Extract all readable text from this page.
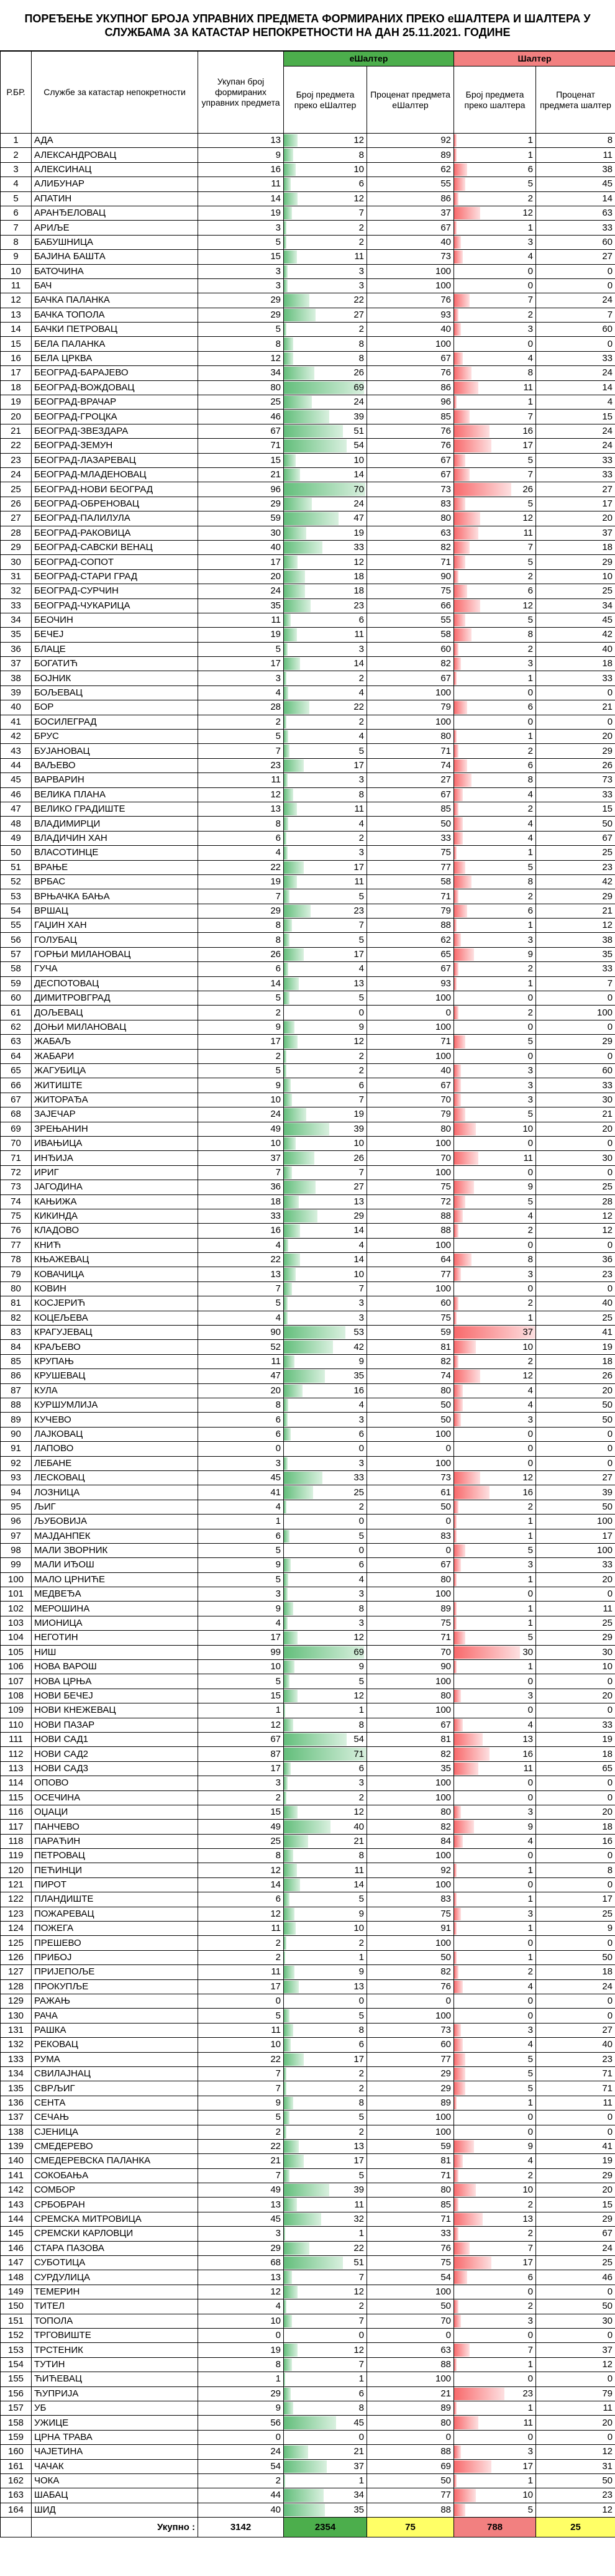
ПОРЕЂЕЊЕ УКУПНОГ БРОЈА УПРАВНИХ ПРЕДМЕТА ФОРМИРАНИХ ПРЕКО еШАЛТЕРА И ШАЛТЕРА У СЛУЖБАМА ЗА КАТАСТАР НЕПОКРЕТНОСТИ НА ДАН 25.11.2021. ГОДИНЕ
Р.БР.	Службе за катастар непокретности	Укупан број формираних управних предмета	еШалтер		Шалтер	
			Број предмета преко еШалтер	Проценат предмета еШалтер	Број предмета преко шалтера	Проценат предмета шалтер
1	АДА	13	12	92	1	8
2	АЛЕКСАНДРОВАЦ	9	8	89	1	11
3	АЛЕКСИНАЦ	16	10	62	6	38
4	АЛИБУНАР	11	6	55	5	45
5	АПАТИН	14	12	86	2	14
6	АРАНЂЕЛОВАЦ	19	7	37	12	63
7	АРИЉЕ	3	2	67	1	33
8	БАБУШНИЦА	5	2	40	3	60
9	БАЈИНА БАШТА	15	11	73	4	27
10	БАТОЧИНА	3	3	100	0	0
11	БАЧ	3	3	100	0	0
12	БАЧКА ПАЛАНКА	29	22	76	7	24
13	БАЧКА ТОПОЛА	29	27	93	2	7
14	БАЧКИ ПЕТРОВАЦ	5	2	40	3	60
15	БЕЛА ПАЛАНКА	8	8	100	0	0
16	БЕЛА ЦРКВА	12	8	67	4	33
17	БЕОГРАД-БАРАЈЕВО	34	26	76	8	24
18	БЕОГРАД-ВОЖДОВАЦ	80	69	86	11	14
19	БЕОГРАД-ВРАЧАР	25	24	96	1	4
20	БЕОГРАД-ГРОЦКА	46	39	85	7	15
21	БЕОГРАД-ЗВЕЗДАРА	67	51	76	16	24
22	БЕОГРАД-ЗЕМУН	71	54	76	17	24
23	БЕОГРАД-ЛАЗАРЕВАЦ	15	10	67	5	33
24	БЕОГРАД-МЛАДЕНОВАЦ	21	14	67	7	33
25	БЕОГРАД-НОВИ БЕОГРАД	96	70	73	26	27
26	БЕОГРАД-ОБРЕНОВАЦ	29	24	83	5	17
27	БЕОГРАД-ПАЛИЛУЛА	59	47	80	12	20
28	БЕОГРАД-РАКОВИЦА	30	19	63	11	37
29	БЕОГРАД-САВСКИ ВЕНАЦ	40	33	82	7	18
30	БЕОГРАД-СОПОТ	17	12	71	5	29
31	БЕОГРАД-СТАРИ ГРАД	20	18	90	2	10
32	БЕОГРАД-СУРЧИН	24	18	75	6	25
33	БЕОГРАД-ЧУКАРИЦА	35	23	66	12	34
34	БЕОЧИН	11	6	55	5	45
35	БЕЧЕЈ	19	11	58	8	42
36	БЛАЦЕ	5	3	60	2	40
37	БОГАТИЋ	17	14	82	3	18
38	БОЈНИК	3	2	67	1	33
39	БОЉЕВАЦ	4	4	100	0	0
40	БОР	28	22	79	6	21
41	БОСИЛЕГРАД	2	2	100	0	0
42	БРУС	5	4	80	1	20
43	БУЈАНОВАЦ	7	5	71	2	29
44	ВАЉЕВО	23	17	74	6	26
45	ВАРВАРИН	11	3	27	8	73
46	ВЕЛИКА ПЛАНА	12	8	67	4	33
47	ВЕЛИКО ГРАДИШТЕ	13	11	85	2	15
48	ВЛАДИМИРЦИ	8	4	50	4	50
49	ВЛАДИЧИН ХАН	6	2	33	4	67
50	ВЛАСОТИНЦЕ	4	3	75	1	25
51	ВРАЊЕ	22	17	77	5	23
52	ВРБАС	19	11	58	8	42
53	ВРЊАЧКА БАЊА	7	5	71	2	29
54	ВРШАЦ	29	23	79	6	21
55	ГАЏИН ХАН	8	7	88	1	12
56	ГОЛУБАЦ	8	5	62	3	38
57	ГОРЊИ МИЛАНОВАЦ	26	17	65	9	35
58	ГУЧА	6	4	67	2	33
59	ДЕСПОТОВАЦ	14	13	93	1	7
60	ДИМИТРОВГРАД	5	5	100	0	0
61	ДОЉЕВАЦ	2	0	0	2	100
62	ДОЊИ МИЛАНОВАЦ	9	9	100	0	0
63	ЖАБАЉ	17	12	71	5	29
64	ЖАБАРИ	2	2	100	0	0
65	ЖАГУБИЦА	5	2	40	3	60
66	ЖИТИШТЕ	9	6	67	3	33
67	ЖИТОРАЂА	10	7	70	3	30
68	ЗАЈЕЧАР	24	19	79	5	21
69	ЗРЕЊАНИН	49	39	80	10	20
70	ИВАЊИЦА	10	10	100	0	0
71	ИНЂИЈА	37	26	70	11	30
72	ИРИГ	7	7	100	0	0
73	ЈАГОДИНА	36	27	75	9	25
74	КАЊИЖА	18	13	72	5	28
75	КИКИНДА	33	29	88	4	12
76	КЛАДОВО	16	14	88	2	12
77	КНИЋ	4	4	100	0	0
78	КЊАЖЕВАЦ	22	14	64	8	36
79	КОВАЧИЦА	13	10	77	3	23
80	КОВИН	7	7	100	0	0
81	КОСЈЕРИЋ	5	3	60	2	40
82	КОЦЕЉЕВА	4	3	75	1	25
83	КРАГУЈЕВАЦ	90	53	59	37	41
84	КРАЉЕВО	52	42	81	10	19
85	КРУПАЊ	11	9	82	2	18
86	КРУШЕВАЦ	47	35	74	12	26
87	КУЛА	20	16	80	4	20
88	КУРШУМЛИЈА	8	4	50	4	50
89	КУЧЕВО	6	3	50	3	50
90	ЛАЈКОВАЦ	6	6	100	0	0
91	ЛАПОВО	0	0	0	0	0
92	ЛЕБАНЕ	3	3	100	0	0
93	ЛЕСКОВАЦ	45	33	73	12	27
94	ЛОЗНИЦА	41	25	61	16	39
95	ЉИГ	4	2	50	2	50
96	ЉУБОВИЈА	1	0	0	1	100
97	МАЈДАНПЕК	6	5	83	1	17
98	МАЛИ ЗВОРНИК	5	0	0	5	100
99	МАЛИ ИЂОШ	9	6	67	3	33
100	МАЛО ЦРНИЋЕ	5	4	80	1	20
101	МЕДВЕЂА	3	3	100	0	0
102	МЕРОШИНА	9	8	89	1	11
103	МИОНИЦА	4	3	75	1	25
104	НЕГОТИН	17	12	71	5	29
105	НИШ	99	69	70	30	30
106	НОВА ВАРОШ	10	9	90	1	10
107	НОВА ЦРЊА	5	5	100	0	0
108	НОВИ БЕЧЕЈ	15	12	80	3	20
109	НОВИ КНЕЖЕВАЦ	1	1	100	0	0
110	НОВИ ПАЗАР	12	8	67	4	33
111	НОВИ САД1	67	54	81	13	19
112	НОВИ САД2	87	71	82	16	18
113	НОВИ САД3	17	6	35	11	65
114	ОПОВО	3	3	100	0	0
115	ОСЕЧИНА	2	2	100	0	0
116	ОЏАЦИ	15	12	80	3	20
117	ПАНЧЕВО	49	40	82	9	18
118	ПАРАЋИН	25	21	84	4	16
119	ПЕТРОВАЦ	8	8	100	0	0
120	ПЕЋИНЦИ	12	11	92	1	8
121	ПИРОТ	14	14	100	0	0
122	ПЛАНДИШТЕ	6	5	83	1	17
123	ПОЖАРЕВАЦ	12	9	75	3	25
124	ПОЖЕГА	11	10	91	1	9
125	ПРЕШЕВО	2	2	100	0	0
126	ПРИБОЈ	2	1	50	1	50
127	ПРИЈЕПОЉЕ	11	9	82	2	18
128	ПРОКУПЉЕ	17	13	76	4	24
129	РАЖАЊ	0	0	0	0	0
130	РАЧА	5	5	100	0	0
131	РАШКА	11	8	73	3	27
132	РЕКОВАЦ	10	6	60	4	40
133	РУМА	22	17	77	5	23
134	СВИЛАЈНАЦ	7	2	29	5	71
135	СВРЉИГ	7	2	29	5	71
136	СЕНТА	9	8	89	1	11
137	СЕЧАЊ	5	5	100	0	0
138	СЈЕНИЦА	2	2	100	0	0
139	СМЕДЕРЕВО	22	13	59	9	41
140	СМЕДЕРЕВСКА ПАЛАНКА	21	17	81	4	19
141	СОКОБАЊА	7	5	71	2	29
142	СОМБОР	49	39	80	10	20
143	СРБОБРАН	13	11	85	2	15
144	СРЕМСКА МИТРОВИЦА	45	32	71	13	29
145	СРЕМСКИ КАРЛОВЦИ	3	1	33	2	67
146	СТАРА ПАЗОВА	29	22	76	7	24
147	СУБОТИЦА	68	51	75	17	25
148	СУРДУЛИЦА	13	7	54	6	46
149	ТЕМЕРИН	12	12	100	0	0
150	ТИТЕЛ	4	2	50	2	50
151	ТОПОЛА	10	7	70	3	30
152	ТРГОВИШТЕ	0	0	0	0	0
153	ТРСТЕНИК	19	12	63	7	37
154	ТУТИН	8	7	88	1	12
155	ЋИЋЕВАЦ	1	1	100	0	0
156	ЋУПРИЈА	29	6	21	23	79
157	УБ	9	8	89	1	11
158	УЖИЦЕ	56	45	80	11	20
159	ЦРНА ТРАВА	0	0	0	0	0
160	ЧАЈЕТИНА	24	21	88	3	12
161	ЧАЧАК	54	37	69	17	31
162	ЧОКА	2	1	50	1	50
163	ШАБАЦ	44	34	77	10	23
164	ШИД	40	35	88	5	12
	Укупно :	3142	2354	75	788	25
